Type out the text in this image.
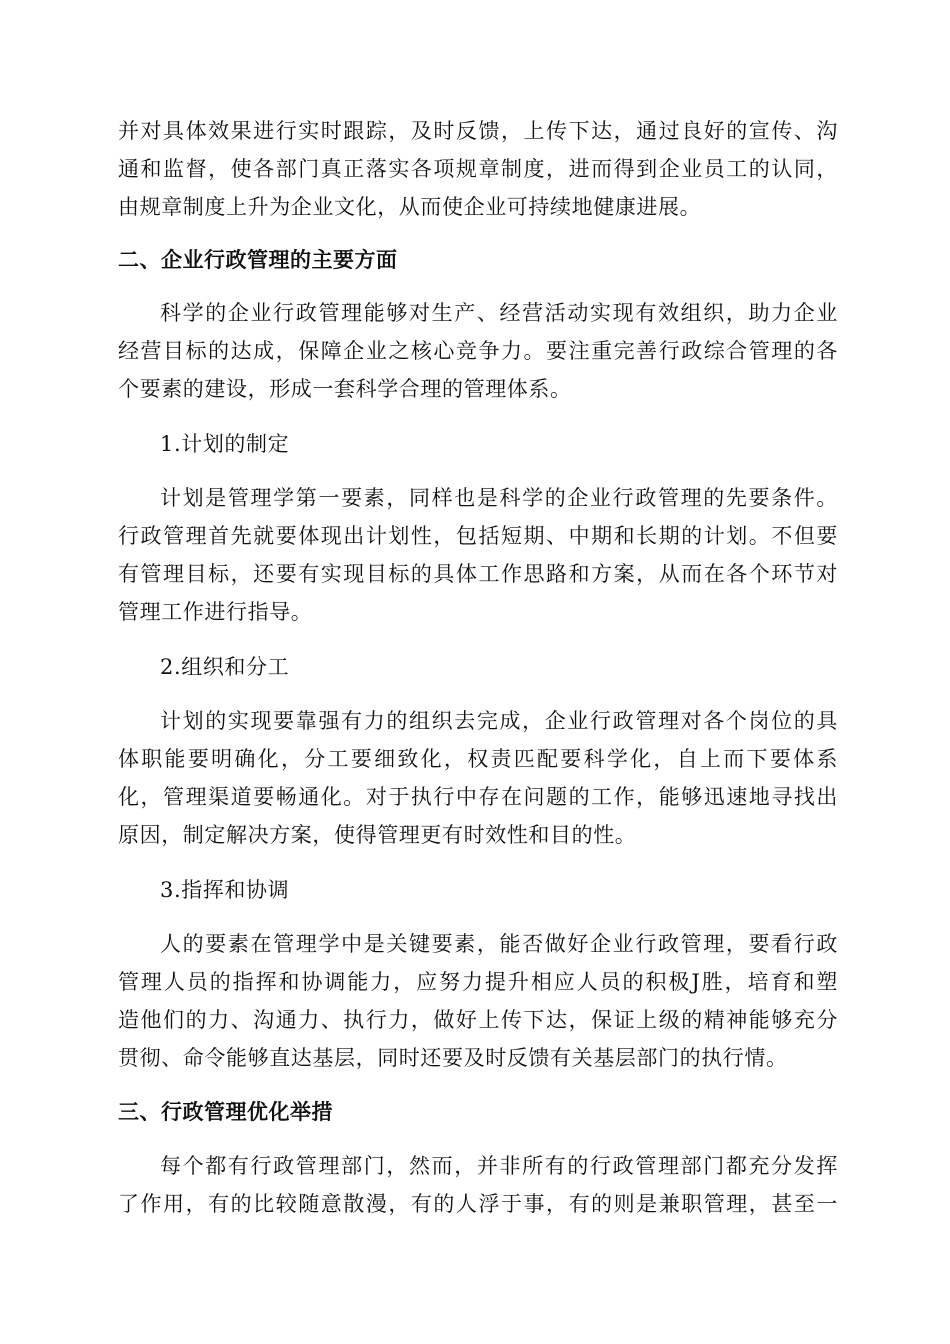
并对具体效果进行实时跟踪，及时反馈，上传下达，通过良好的宣传、沟
通和监督，使各部门真正落实各项规章制度，进而得到企业员工的认同，
由规章制度上升为企业文化，从而使企业可持续地健康进展。
二、企业行政管理的主要方面
科学的企业行政管理能够对生产、经营活动实现有效组织，助力企业
经营目标的达成，保障企业之核心竞争力。要注重完善行政综合管理的各
个要素的建设，形成一套科学合理的管理体系。
1.计划的制定
计划是管理学第一要素，同样也是科学的企业行政管理的先要条件。
行政管理首先就要体现出计划性，包括短期、中期和长期的计划。不但要
有管理目标，还要有实现目标的具体工作思路和方案，从而在各个环节对
管理工作进行指导。
2.组织和分工
计划的实现要靠强有力的组织去完成，企业行政管理对各个岗位的具
体职能要明确化，分工要细致化，权责匹配要科学化，自上而下要体系
化，管理渠道要畅通化。对于执行中存在问题的工作，能够迅速地寻找出
原因，制定解决方案，使得管理更有时效性和目的性。
3.指挥和协调
人的要素在管理学中是关键要素，能否做好企业行政管理，要看行政
管理人员的指挥和协调能力，应努力提升相应人员的积极J胜，培育和塑
造他们的力、沟通力、执行力，做好上传下达，保证上级的精神能够充分
贯彻、命令能够直达基层，同时还要及时反馈有关基层部门的执行情。
三、行政管理优化举措
每个都有行政管理部门，然而，并非所有的行政管理部门都充分发挥
了作用，有的比较随意散漫，有的人浮于事，有的则是兼职管理，甚至一
